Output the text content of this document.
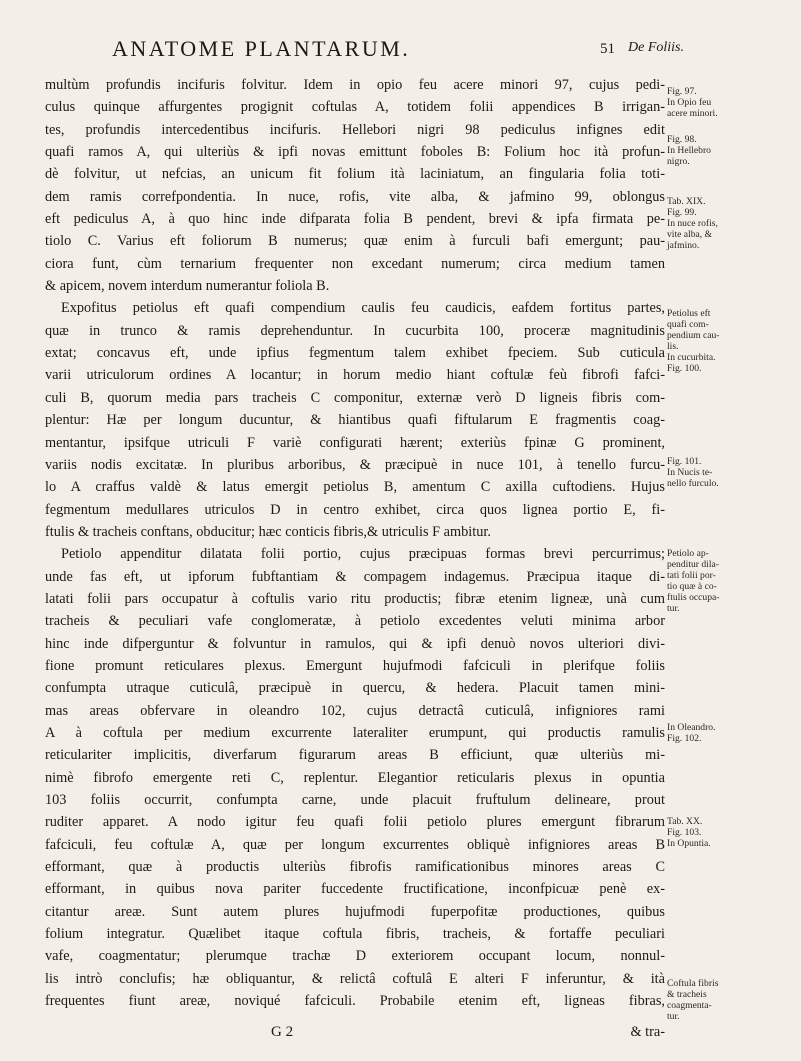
ANATOME PLANTARUM.	51 De Foliis.
multùm profundis incifuris folvitur. Idem in opio feu acere minori 97, cujus pedi-
culus quinque affurgentes progignit coftulas A, totidem folii appendices B irrigan-
tes, profundis intercedentibus incifuris. Hellebori nigri 98 pediculus infignes edit
quafi ramos A, qui ulteriùs & ipfi novas emittunt foboles B: Folium hoc ità profun-
dè folvitur, ut nefcias, an unicum fit folium ità laciniatum, an fingularia folia toti-
dem ramis correfpondentia. In nuce, rofis, vite alba, & jafmino 99, oblongus
eft pediculus A, à quo hinc inde difparata folia B pendent, brevi & ipfa firmata pe-
tiolo C. Varius eft foliorum B numerus; quæ enim à furculi bafi emergunt; pau-
ciora funt, cùm ternarium frequenter non excedant numerum; circa medium tamen
& apicem, novem interdum numerantur foliola B.
Expofitus petiolus eft quafi compendium caulis feu caudicis, eafdem fortitus partes,
quæ in trunco & ramis deprehenduntur. In cucurbita 100, proceræ magnitudinis
extat; concavus eft, unde ipfius fegmentum talem exhibet fpeciem. Sub cuticula
varii utriculorum ordines A locantur; in horum medio hiant coftulæ feù fibrofi fafci-
culi B, quorum media pars tracheis C componitur, externæ verò D ligneis fibris com-
plentur: Hæ per longum ducuntur, & hiantibus quafi fiftularum E fragmentis coag-
mentantur, ipsifque utriculi F variè configurati hærent; exteriùs fpinæ G prominent,
variis nodis excitatæ. In pluribus arboribus, & præcipuè in nuce 101, à tenello furcu-
lo A craffus valdè & latus emergit petiolus B, amentum C axilla cuftodiens. Hujus
fegmentum medullares utriculos D in centro exhibet, circa quos lignea portio E, fi-
ftulis & tracheis conftans, obducitur; hæc conticis fibris,& utriculis F ambitur.
Petiolo appenditur dilatata folii portio, cujus præcipuas formas brevi percurrimus;
unde fas eft, ut ipforum fubftantiam & compagem indagemus. Præcipua itaque di-
latati folii pars occupatur à coftulis vario ritu productis; fibræ etenim ligneæ, unà cum
tracheis & peculiari vafe conglomeratæ, à petiolo excedentes veluti minima arbor
hinc inde difperguntur & folvuntur in ramulos, qui & ipfi denuò novos ulteriori divi-
fione promunt reticulares plexus. Emergunt hujufmodi fafciculi in plerifque foliis
confumpta utraque cuticulâ, præcipuè in quercu, & hedera. Placuit tamen mini-
mas areas obfervare in oleandro 102, cujus detractâ cuticulâ, infigniores rami
A à coftula per medium excurrente lateraliter erumpunt, qui productis ramulis
reticulariter implicitis, diverfarum figurarum areas B efficiunt, quæ ulteriùs mi-
nimè fibrofo emergente reti C, replentur. Elegantior reticularis plexus in opuntia
103 foliis occurrit, confumpta carne, unde placuit fruftulum delineare, prout
ruditer apparet. A nodo igitur feu quafi folii petiolo plures emergunt fibrarum
fafciculi, feu coftulæ A, quæ per longum excurrentes obliquè infigniores areas B
efformant, quæ à productis ulteriùs fibrofis ramificationibus minores areas C
efformant, in quibus nova pariter fuccedente fructificatione, inconfpicuæ penè ex-
citantur areæ. Sunt autem plures hujufmodi fuperpofitæ productiones, quibus
folium integratur. Quælibet itaque coftula fibris, tracheis, & fortaffe peculiari
vafe, coagmentatur; plerumque trachæ D exteriorem occupant locum, nonnul-
lis intrò conclufis; hæ obliquantur, & relictâ coftulâ E alteri F inferuntur, & ità
frequentes fiunt areæ, noviqué fafciculi. Probabile etenim eft, ligneas fibras,
Fig. 97.
In Opio feu
acere minori.
Fig. 98.
In Hellebro
nigro.
Tab. XIX.
Fig. 99.
In nuce rofis,
vite alba, &
jafmino.
Petiolus eft
quafi com-
pendium cau-
lis.
In cucurbita.
Fig. 100.
Fig. 101.
In Nucis te-
nello furculo.
Petiolo ap-
penditur dila-
tati folii por-
tio quæ à co-
ftulis occupa-
tur.
In Oleandro.
Fig. 102.
Tab. XX.
Fig. 103.
In Opuntia.
Coftula fibris
& tracheis
coagmenta-
tur.
G 2	& tra-
